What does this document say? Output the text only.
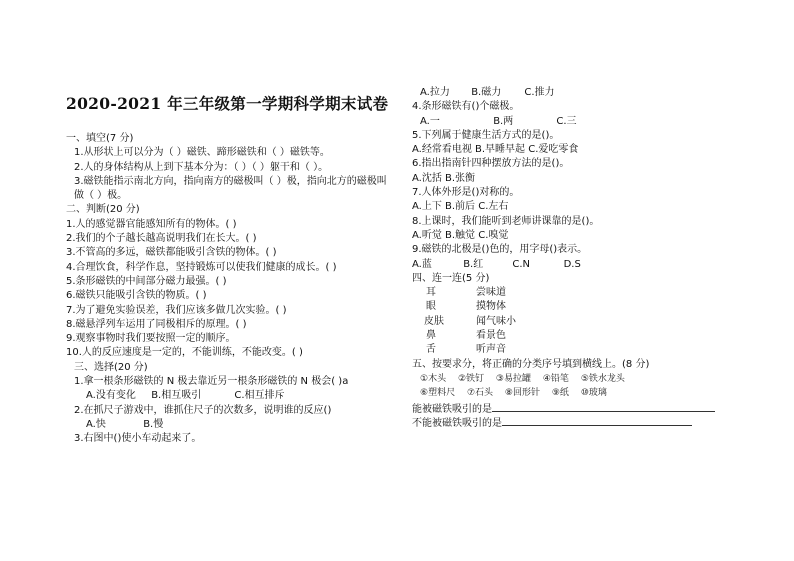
2020-2021 年三年级第一学期科学期末试卷
一、填空(7 分)
1.从形状上可以分为（ ）磁铁、蹄形磁铁和（ ）磁铁等。
2.人的身体结构从上到下基本分为：（ ）（ ）躯干和（ ）。
3.磁铁能指示南北方向，指向南方的磁极叫（ ）极，指向北方的磁极叫做（ ）极。
二、判断(20 分)
1.人的感觉器官能感知所有的物体。( )
2.我们的个子越长越高说明我们在长大。( )
3.不管高的多远，磁铁都能吸引含铁的物体。( )
4.合理饮食，科学作息，坚持锻炼可以使我们健康的成长。( )
5.条形磁铁的中间部分磁力最强。( )
6.磁铁只能吸引含铁的物质。( )
7.为了避免实验误差，我们应该多做几次实验。( )
8.磁悬浮列车运用了同极相斥的原理。( )
9.观察事物时我们要按照一定的顺序。
10.人的反应速度是一定的，不能训练，不能改变。( )
三、选择(20 分)
1.拿一根条形磁铁的 N 极去靠近另一根条形磁铁的 N 极会( )a
A.没有变化 B.相互吸引	C.相互排斥
2.在抓尺子游戏中，谁抓住尺子的次数多，说明谁的反应()
A.快	B.慢
3.右图中()使小车动起来了。
A.拉力 B.磁力 C.推力
4.条形磁铁有()个磁极。
A.一	B.两	C.三
5.下列属于健康生活方式的是()。
A.经常看电视 B.早睡早起 C.爱吃零食
6.指出指南针四种摆放方法的是()。
A.沈括 B.张衡
7.人体外形是()对称的。
A.上下 B.前后 C.左右
8.上课时，我们能听到老师讲课靠的是()。
A.听觉 B.触觉 C.嗅觉
9.磁铁的北极是()色的，用字母()表示。
A.蓝	B.红	C.N	D.S
四、连一连(5 分)
耳	尝味道
眼	摸物体
皮肤	闻气味小
鼻	看景色
舌	听声音
五、按要求分，将正确的分类序号填到横线上。(8 分)
①木头 ②铁钉 ③易拉罐 ④铅笔 ⑤铁水龙头
⑥塑料尺 ⑦石头 ⑧回形针 ⑨纸 ⑩玻璃
能被磁铁吸引的是
不能被磁铁吸引的是
